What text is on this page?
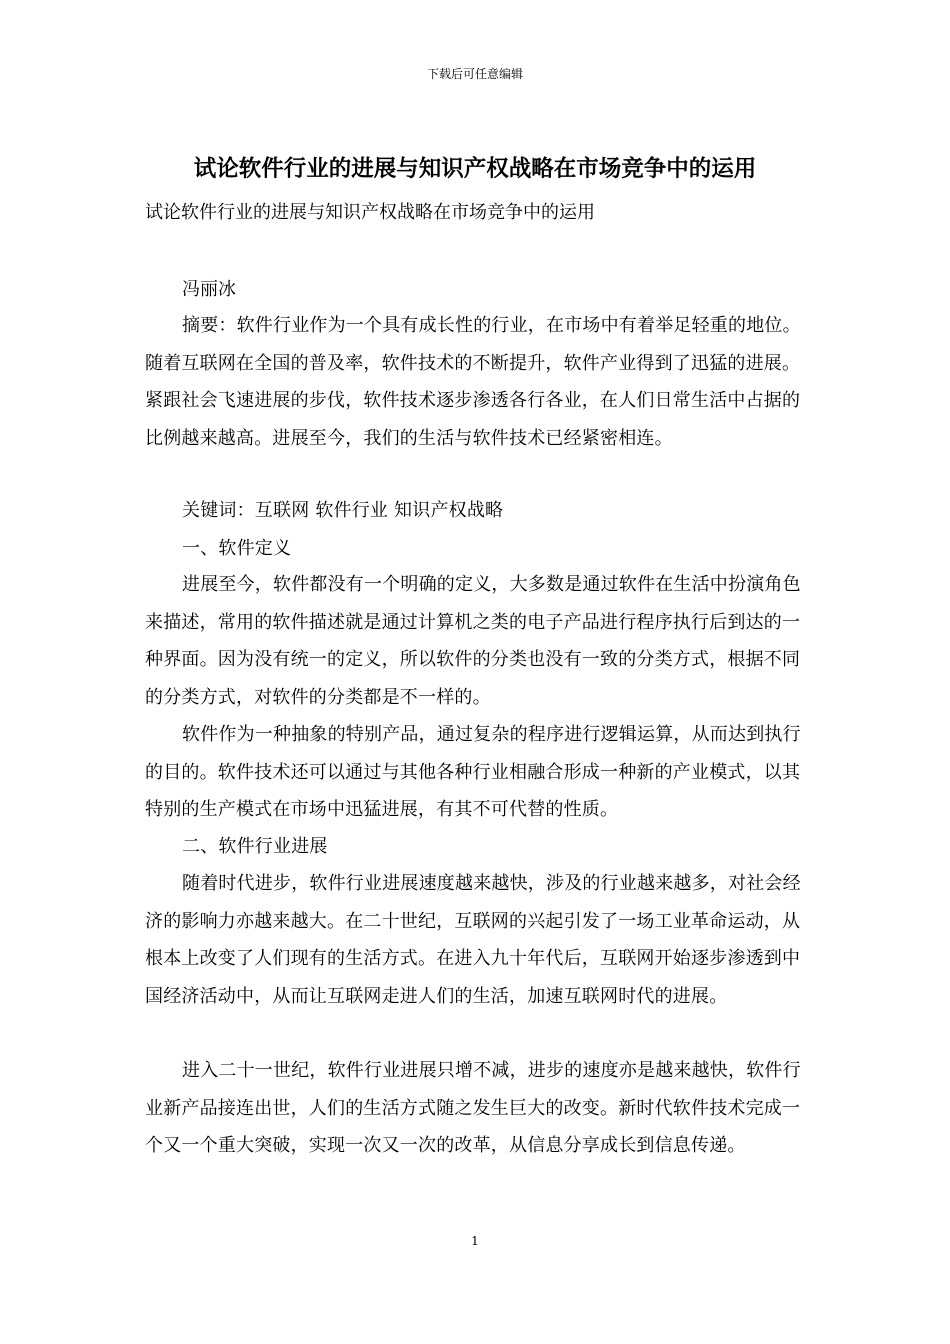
下载后可任意编辑
试论软件行业的进展与知识产权战略在市场竞争中的运用
试论软件行业的进展与知识产权战略在市场竞争中的运用
冯丽冰

摘要：软件行业作为一个具有成长性的行业，在市场中有着举足轻重的地位。随着互联网在全国的普及率，软件技术的不断提升，软件产业得到了迅猛的进展。紧跟社会飞速进展的步伐，软件技术逐步渗透各行各业，在人们日常生活中占据的比例越来越高。进展至今，我们的生活与软件技术已经紧密相连。

关键词：互联网 软件行业 知识产权战略

一、软件定义

进展至今，软件都没有一个明确的定义，大多数是通过软件在生活中扮演角色来描述，常用的软件描述就是通过计算机之类的电子产品进行程序执行后到达的一种界面。因为没有统一的定义，所以软件的分类也没有一致的分类方式，根据不同的分类方式，对软件的分类都是不一样的。

软件作为一种抽象的特别产品，通过复杂的程序进行逻辑运算，从而达到执行的目的。软件技术还可以通过与其他各种行业相融合形成一种新的产业模式，以其特别的生产模式在市场中迅猛进展，有其不可代替的性质。

二、软件行业进展

随着时代进步，软件行业进展速度越来越快，涉及的行业越来越多，对社会经济的影响力亦越来越大。在二十世纪，互联网的兴起引发了一场工业革命运动，从根本上改变了人们现有的生活方式。在进入九十年代后，互联网开始逐步渗透到中国经济活动中，从而让互联网走进人们的生活，加速互联网时代的进展。

进入二十一世纪，软件行业进展只增不减，进步的速度亦是越来越快，软件行业新产品接连出世，人们的生活方式随之发生巨大的改变。新时代软件技术完成一个又一个重大突破，实现一次又一次的改革，从信息分享成长到信息传递。

1
